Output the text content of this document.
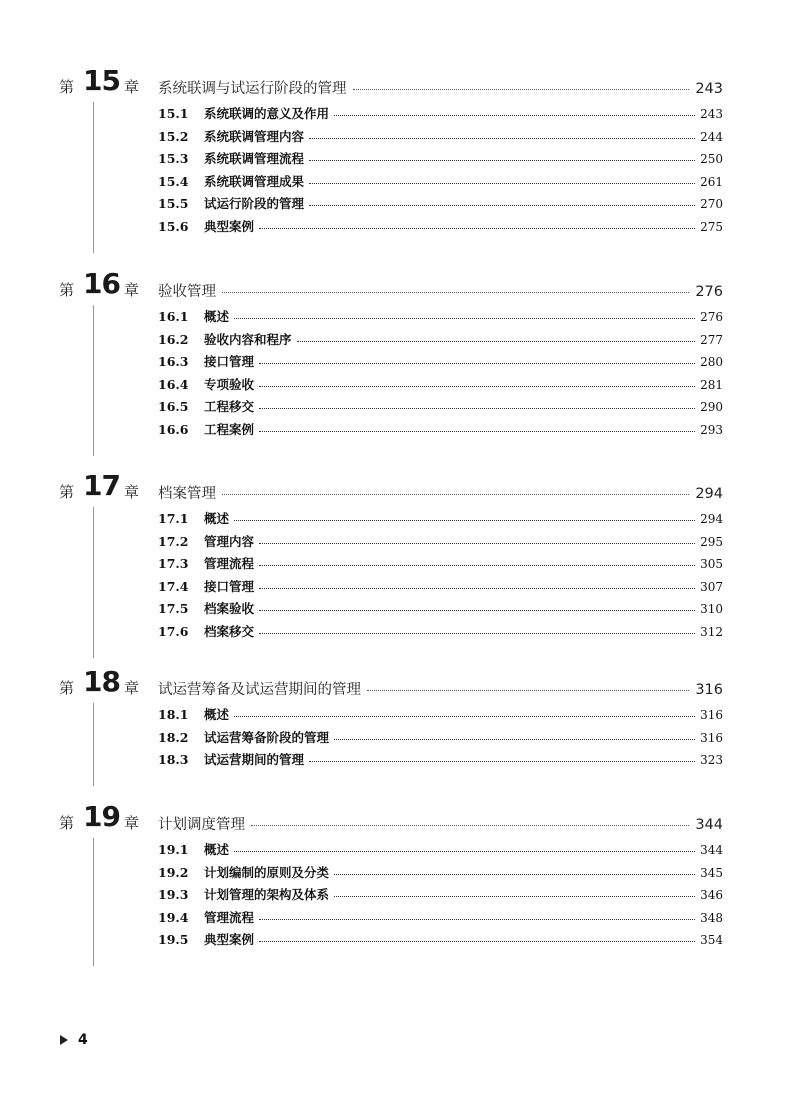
第 15 章 系统联调与试运行阶段的管理	243
15.1	系统联调的意义及作用	243
15.2	系统联调管理内容	244
15.3	系统联调管理流程	250
15.4	系统联调管理成果	261
15.5	试运行阶段的管理	270
15.6	典型案例	275
第 16 章 验收管理	276
16.1	概述	276
16.2	验收内容和程序	277
16.3	接口管理	280
16.4	专项验收	281
16.5	工程移交	290
16.6	工程案例	293
第 17 章 档案管理	294
17.1	概述	294
17.2	管理内容	295
17.3	管理流程	305
17.4	接口管理	307
17.5	档案验收	310
17.6	档案移交	312
第 18 章 试运营筹备及试运营期间的管理	316
18.1	概述	316
18.2	试运营筹备阶段的管理	316
18.3	试运营期间的管理	323
第 19 章 计划调度管理	344
19.1	概述	344
19.2	计划编制的原则及分类	345
19.3	计划管理的架构及体系	346
19.4	管理流程	348
19.5	典型案例	354
4
